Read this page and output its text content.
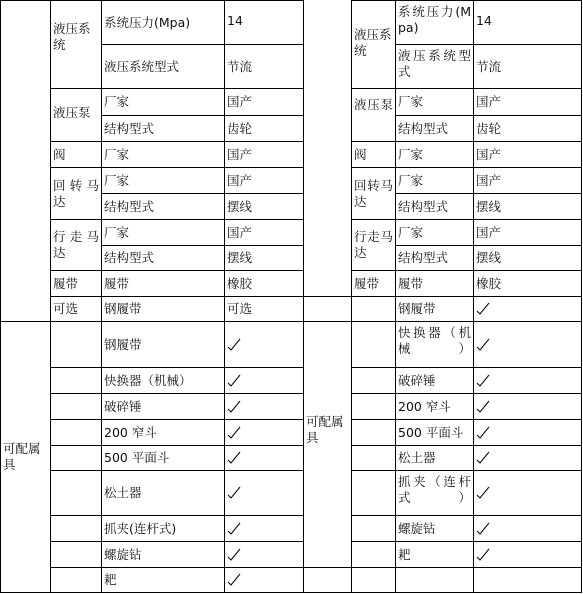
可配属具
液压系统
液压泵
阀
回转马达
行走马达
履带
可选
系统压力(Mpa)
液压系统型式
厂家
结构型式
厂家
厂家
结构型式
厂家
结构型式
履带
钢履带
14
节流
国产
齿轮
国产
国产
摆线
国产
摆线
橡胶
可选
钢履带
快换器（机械）
破碎锤
200 窄斗
500 平面斗
松土器
抓夹(连杆式)
螺旋钻
耙
可配属具
液压系统
液压泵
阀
回转马达
行走马达
履带
系统压力(Mpa)
液压系统型式
厂家
结构型式
厂家
厂家
结构型式
厂家
结构型式
履带
14
节流
国产
齿轮
国产
国产
摆线
国产
摆线
橡胶
钢履带
快换器（机械）
破碎锤
200 窄斗
500 平面斗
松土器
抓夹（连杆式）
螺旋钻
耙
